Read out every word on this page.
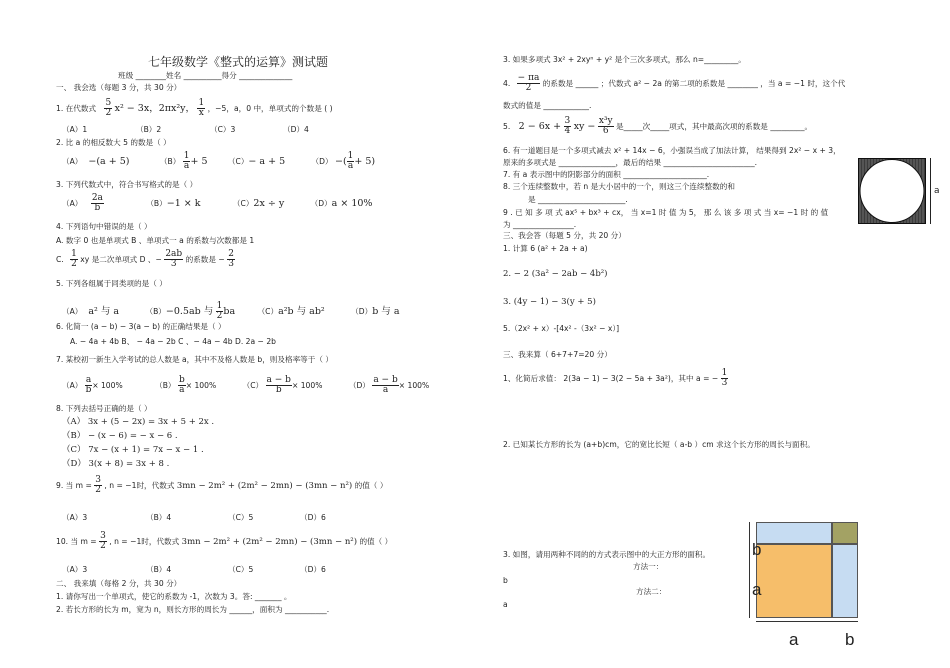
七年级数学《整式的运算》测试题
班级 ________姓名 __________得分 ______________
一、 我会选（每题 3 分，共 30 分）
1. 在代数式 $\frac{5}{2} x^2 - 3x$，2πx²y， $\frac{1}{x}$ ，−5，a，0 中，单项式的个数是 ( )
（A）1	（B）2	（C）3	（D）4
2. 比 a 的相反数大 5 的数是（ ）
（A） −(a + 5)	$(B) \frac{1}{a} + 5$	（C）− a + 5	（D） −( $\frac{1}{a} + 5$)
3. 下列代数式中，符合书写格式的是（ ）
$(A) \frac{2a}{b}$	（B）−1 × k	（C）2x ÷ y	（D）a × 10%
4. 下列语句中错误的是（ ）
A. 数字 0 也是单项式 B 、单项式一 a 的系数与次数都是 1
C. $\frac{1}{2}$ xy 是二次单项式 D 、− $\frac{2ab}{3}$ 的系数是 − $\frac{2}{3}$
5. 下列各组属于同类项的是（ ）
（A） a² 与 a	（B）−0.5ab 与 $\frac{1}{2}$ ba	（C）a²b 与 ab²	（D）b 与 a
6. 化简一 (a − b) − 3(a − b) 的正确结果是（ ）
A. − 4a + 4b B、 − 4a − 2b C 、− 4a − 4b D. 2a − 2b
7. 某校初一新生入学考试的总人数是 a，其中不及格人数是 b，则及格率等于（ ）
$(A) \frac{a}{b} \times 100\%$	$(B) \frac{b}{a} \times 100\%$	$(C) \frac{a - b}{b} \times 100\%$	$(D) \frac{a - b}{a} \times 100\%$
8. 下列去括号正确的是（ ）
（A） 3x + (5 − 2x) = 3x + 5 + 2x .
（B） − (x − 6) = − x − 6 .
（C） 7x − (x + 1) = 7x − x − 1 .
（D） 3(x + 8) = 3x + 8 .
9. 当 $m = \frac{3}{2}$ , n = −1时，代数式 3mn − 2m² + (2m² − 2mn) − (3mn − n²) 的值（ ）
（A）3	（B）4	（C）5	（D）6
10. 当 $m = \frac{3}{2}$ , n = −1时，代数式 3mn − 2m² + (2m² − 2mn) − (3mn − n²) 的值（ ）
（A）3	（B）4	（C）5	（D）6
二、 我来填（每格 2 分，共 30 分）
1. 请你写出一个单项式，使它的系数为 -1，次数为 3。答: _______ 。
2. 若长方形的长为 m，宽为 n，则长方形的周长为 ______，面积为 ___________.
3. 如果多项式 3x² + 2xyⁿ + y² 是个三次多项式，那么 n=_________。
4. $\frac{- \pi a}{2}$ 的系数是 ______ ；代数式 a² − 2a 的第二项的系数是 ________ ，当 a = −1 时，这个代
数式的值是 ____________.
5. $2 - 6x + \frac{3}{4}$ xy − $\frac{\text{x³y}}{6}$ 是_____次_____项式，其中最高次项的系数是 _________。
6. 有一道题目是一个多项式减去 x² + 14x − 6，小强误当成了加法计算， 结果得到 2x² − x + 3，
原来的多项式是 _______________，最后的结果 ________________________.
7. 有 a 表示图中的阴影部分的面积 ______________________.
8. 三个连续整数中，若 n 是大小居中的一个，则这三个连续整数的和
是 _______________________.
9 . 已 知 多 项 式 ax⁵ + bx³ + cx， 当 x=1 时 值 为 5， 那 么 该 多 项 式 当 x= −1 时 的 值
为 ________________.
a
三、我会答（每题 5 分，共 20 分）
1. 计算 6 (a² + 2a + a)
2. − 2 (3a² − 2ab − 4b²)
3. (4y − 1) − 3(y + 5)
5.（2x² + x）-[4x² -（3x² − x）]
三、我来算（ 6+7+7=20 分）
1、化简后求值： 2(3a − 1) − 3(2 − 5a + 3a²)，其中 a = − $\frac{1}{3}$
2. 已知某长方形的长为 (a+b)cm，它的宽比长短（ a-b ）cm 求这个长方形的周长与面积。
3. 如图，请用两种不同的的方式表示图中的大正方形的面积。
方法一：
b
方法二：
a
b
a
a	b
